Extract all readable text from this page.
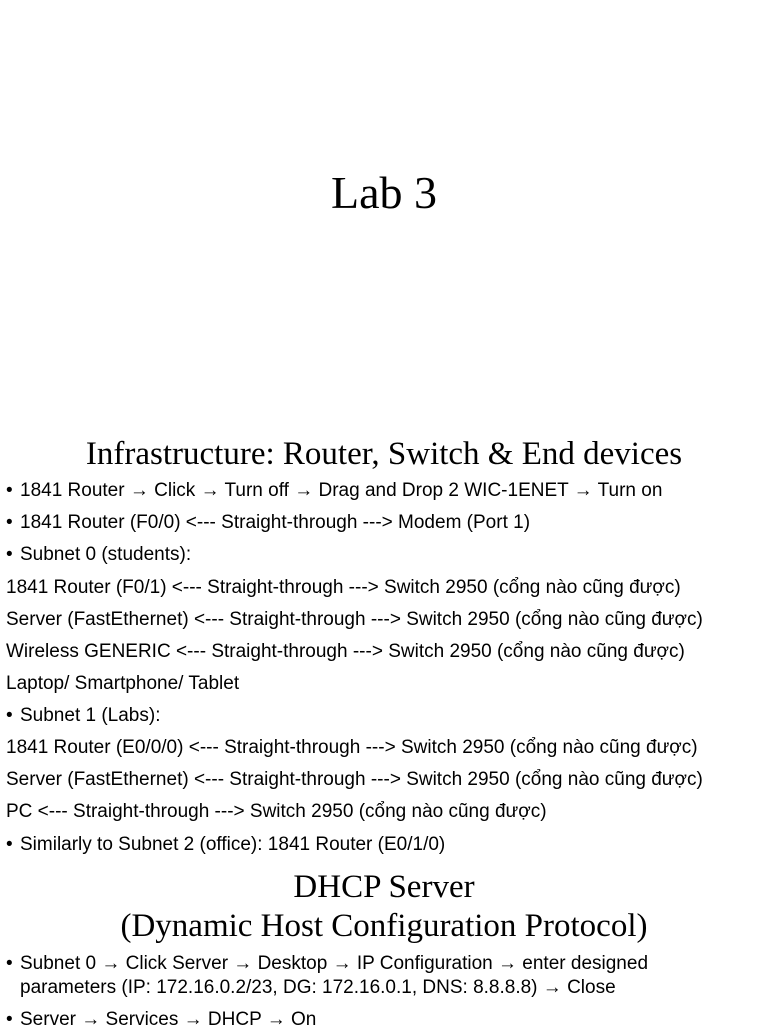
Lab 3
Infrastructure: Router, Switch & End devices
• 1841 Router → Click → Turn off → Drag and Drop 2 WIC-1ENET → Turn on
• 1841 Router (F0/0) <--- Straight-through ---> Modem (Port 1)
• Subnet 0 (students):
1841 Router (F0/1) <--- Straight-through ---> Switch 2950 (cổng nào cũng được)
Server (FastEthernet) <--- Straight-through ---> Switch 2950 (cổng nào cũng được)
Wireless GENERIC <--- Straight-through ---> Switch 2950 (cổng nào cũng được)
Laptop/ Smartphone/ Tablet
• Subnet 1 (Labs):
1841 Router (E0/0/0) <--- Straight-through ---> Switch 2950 (cổng nào cũng được)
Server (FastEthernet) <--- Straight-through ---> Switch 2950 (cổng nào cũng được)
PC <--- Straight-through ---> Switch 2950 (cổng nào cũng được)
• Similarly to Subnet 2 (office): 1841 Router (E0/1/0)
DHCP Server
(Dynamic Host Configuration Protocol)
• Subnet 0 → Click Server → Desktop → IP Configuration → enter designed
parameters (IP: 172.16.0.2/23, DG: 172.16.0.1, DNS: 8.8.8.8) → Close
• Server → Services → DHCP → On
